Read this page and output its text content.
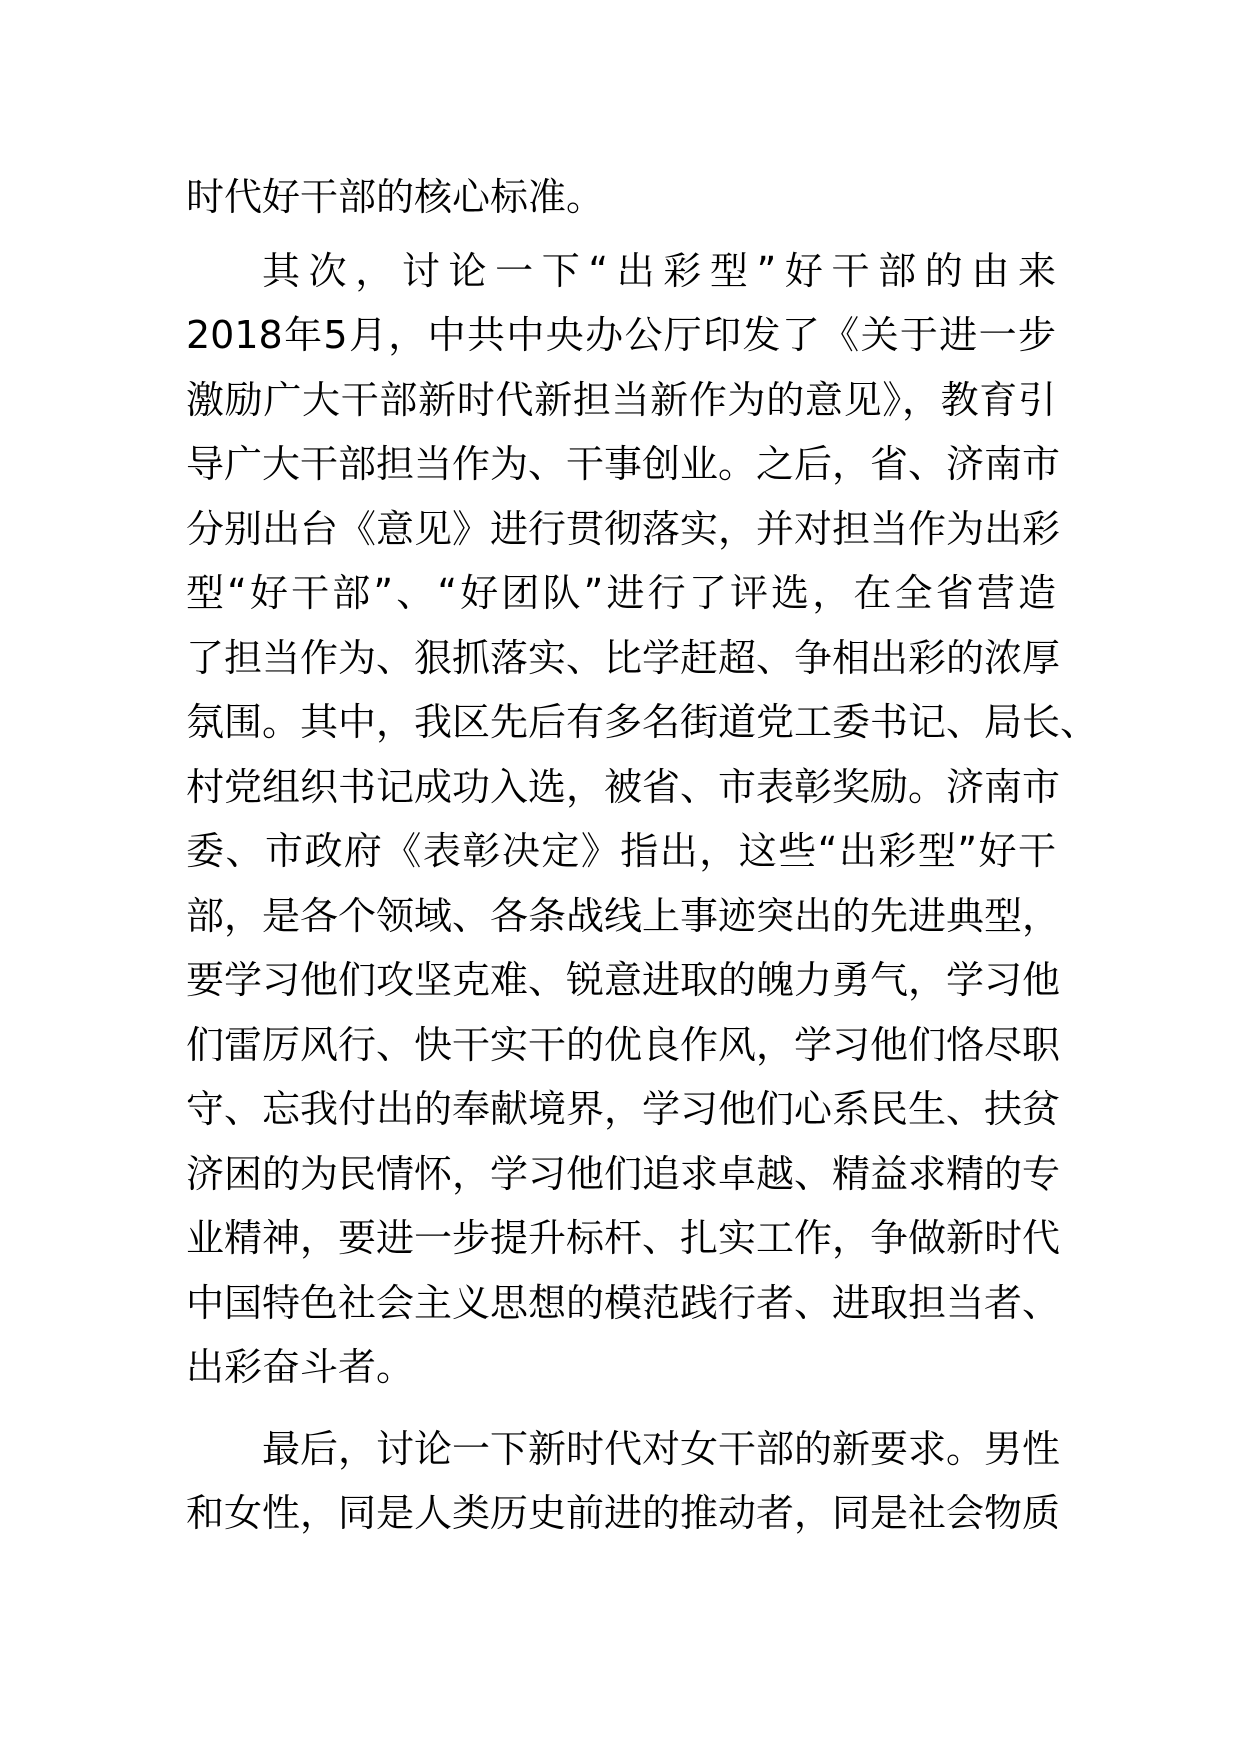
时代好干部的核心标准。
其次，讨论一下“出彩型”好干部的由来
2018年5月，中共中央办公厅印发了《关于进一步
激励广大干部新时代新担当新作为的意见》，教育引
导广大干部担当作为、干事创业。之后，省、济南市
分别出台《意见》进行贯彻落实，并对担当作为出彩
型“好干部”、“好团队”进行了评选，在全省营造
了担当作为、狠抓落实、比学赶超、争相出彩的浓厚
氛围。其中，我区先后有多名街道党工委书记、局长、
村党组织书记成功入选，被省、市表彰奖励。济南市
委、市政府《表彰决定》指出，这些“出彩型”好干
部，是各个领域、各条战线上事迹突出的先进典型，
要学习他们攻坚克难、锐意进取的魄力勇气，学习他
们雷厉风行、快干实干的优良作风，学习他们恪尽职
守、忘我付出的奉献境界，学习他们心系民生、扶贫
济困的为民情怀，学习他们追求卓越、精益求精的专
业精神，要进一步提升标杆、扎实工作，争做新时代
中国特色社会主义思想的模范践行者、进取担当者、
出彩奋斗者。
最后，讨论一下新时代对女干部的新要求。男性
和女性，同是人类历史前进的推动者，同是社会物质
